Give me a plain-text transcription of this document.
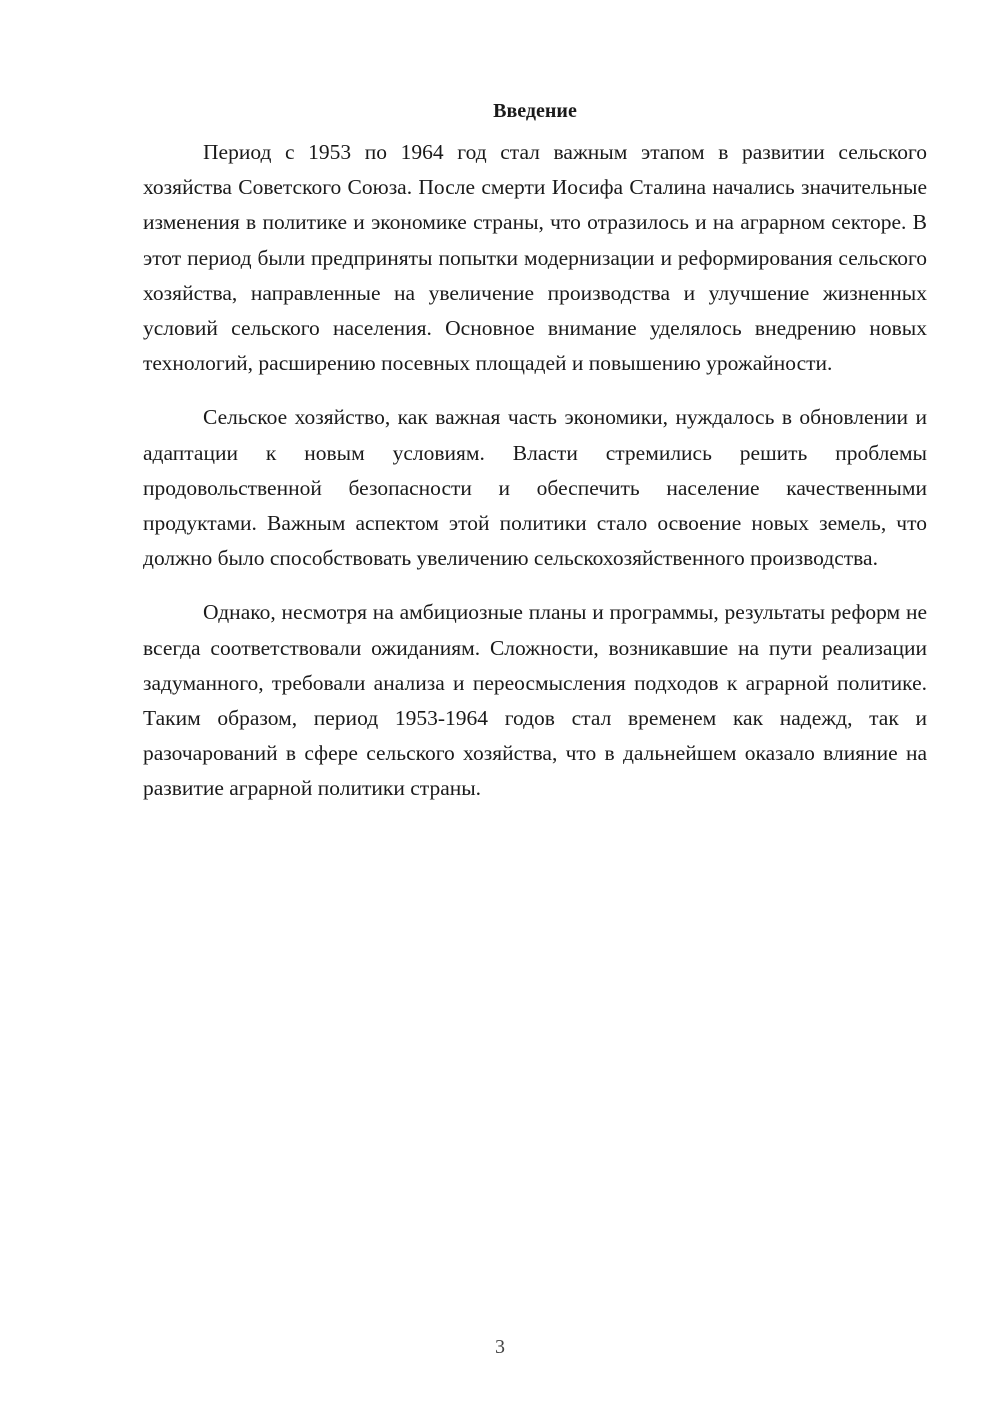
Введение

Период с 1953 по 1964 год стал важным этапом в развитии сельского хозяйства Советского Союза. После смерти Иосифа Сталина начались значительные изменения в политике и экономике страны, что отразилось и на аграрном секторе. В этот период были предприняты попытки модернизации и реформирования сельского хозяйства, направленные на увеличение производства и улучшение жизненных условий сельского населения. Основное внимание уделялось внедрению новых технологий, расширению посевных площадей и повышению урожайности.

Сельское хозяйство, как важная часть экономики, нуждалось в обновлении и адаптации к новым условиям. Власти стремились решить проблемы продовольственной безопасности и обеспечить население качественными продуктами. Важным аспектом этой политики стало освоение новых земель, что должно было способствовать увеличению сельскохозяйственного производства.

Однако, несмотря на амбициозные планы и программы, результаты реформ не всегда соответствовали ожиданиям. Сложности, возникавшие на пути реализации задуманного, требовали анализа и переосмысления подходов к аграрной политике. Таким образом, период 1953-1964 годов стал временем как надежд, так и разочарований в сфере сельского хозяйства, что в дальнейшем оказало влияние на развитие аграрной политики страны.

3
